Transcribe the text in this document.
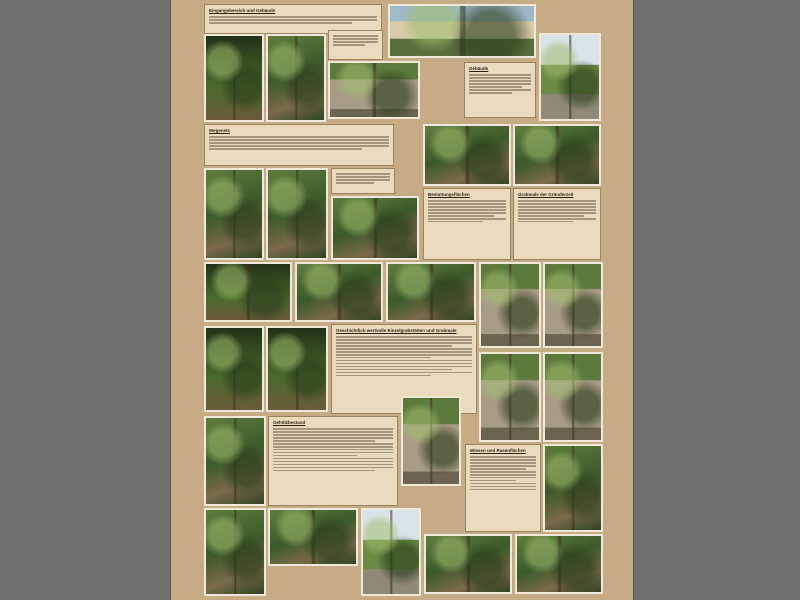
Eingangsbereich und Gebäude
Gebäude
Wegenetz
Bestattungsflächen	Grabmale der Gründerzeit
Geschichtlich wertvolle Einzelgrabstätten und Grabmale
Gehölzbestand
Wiesen und Rasenflächen
